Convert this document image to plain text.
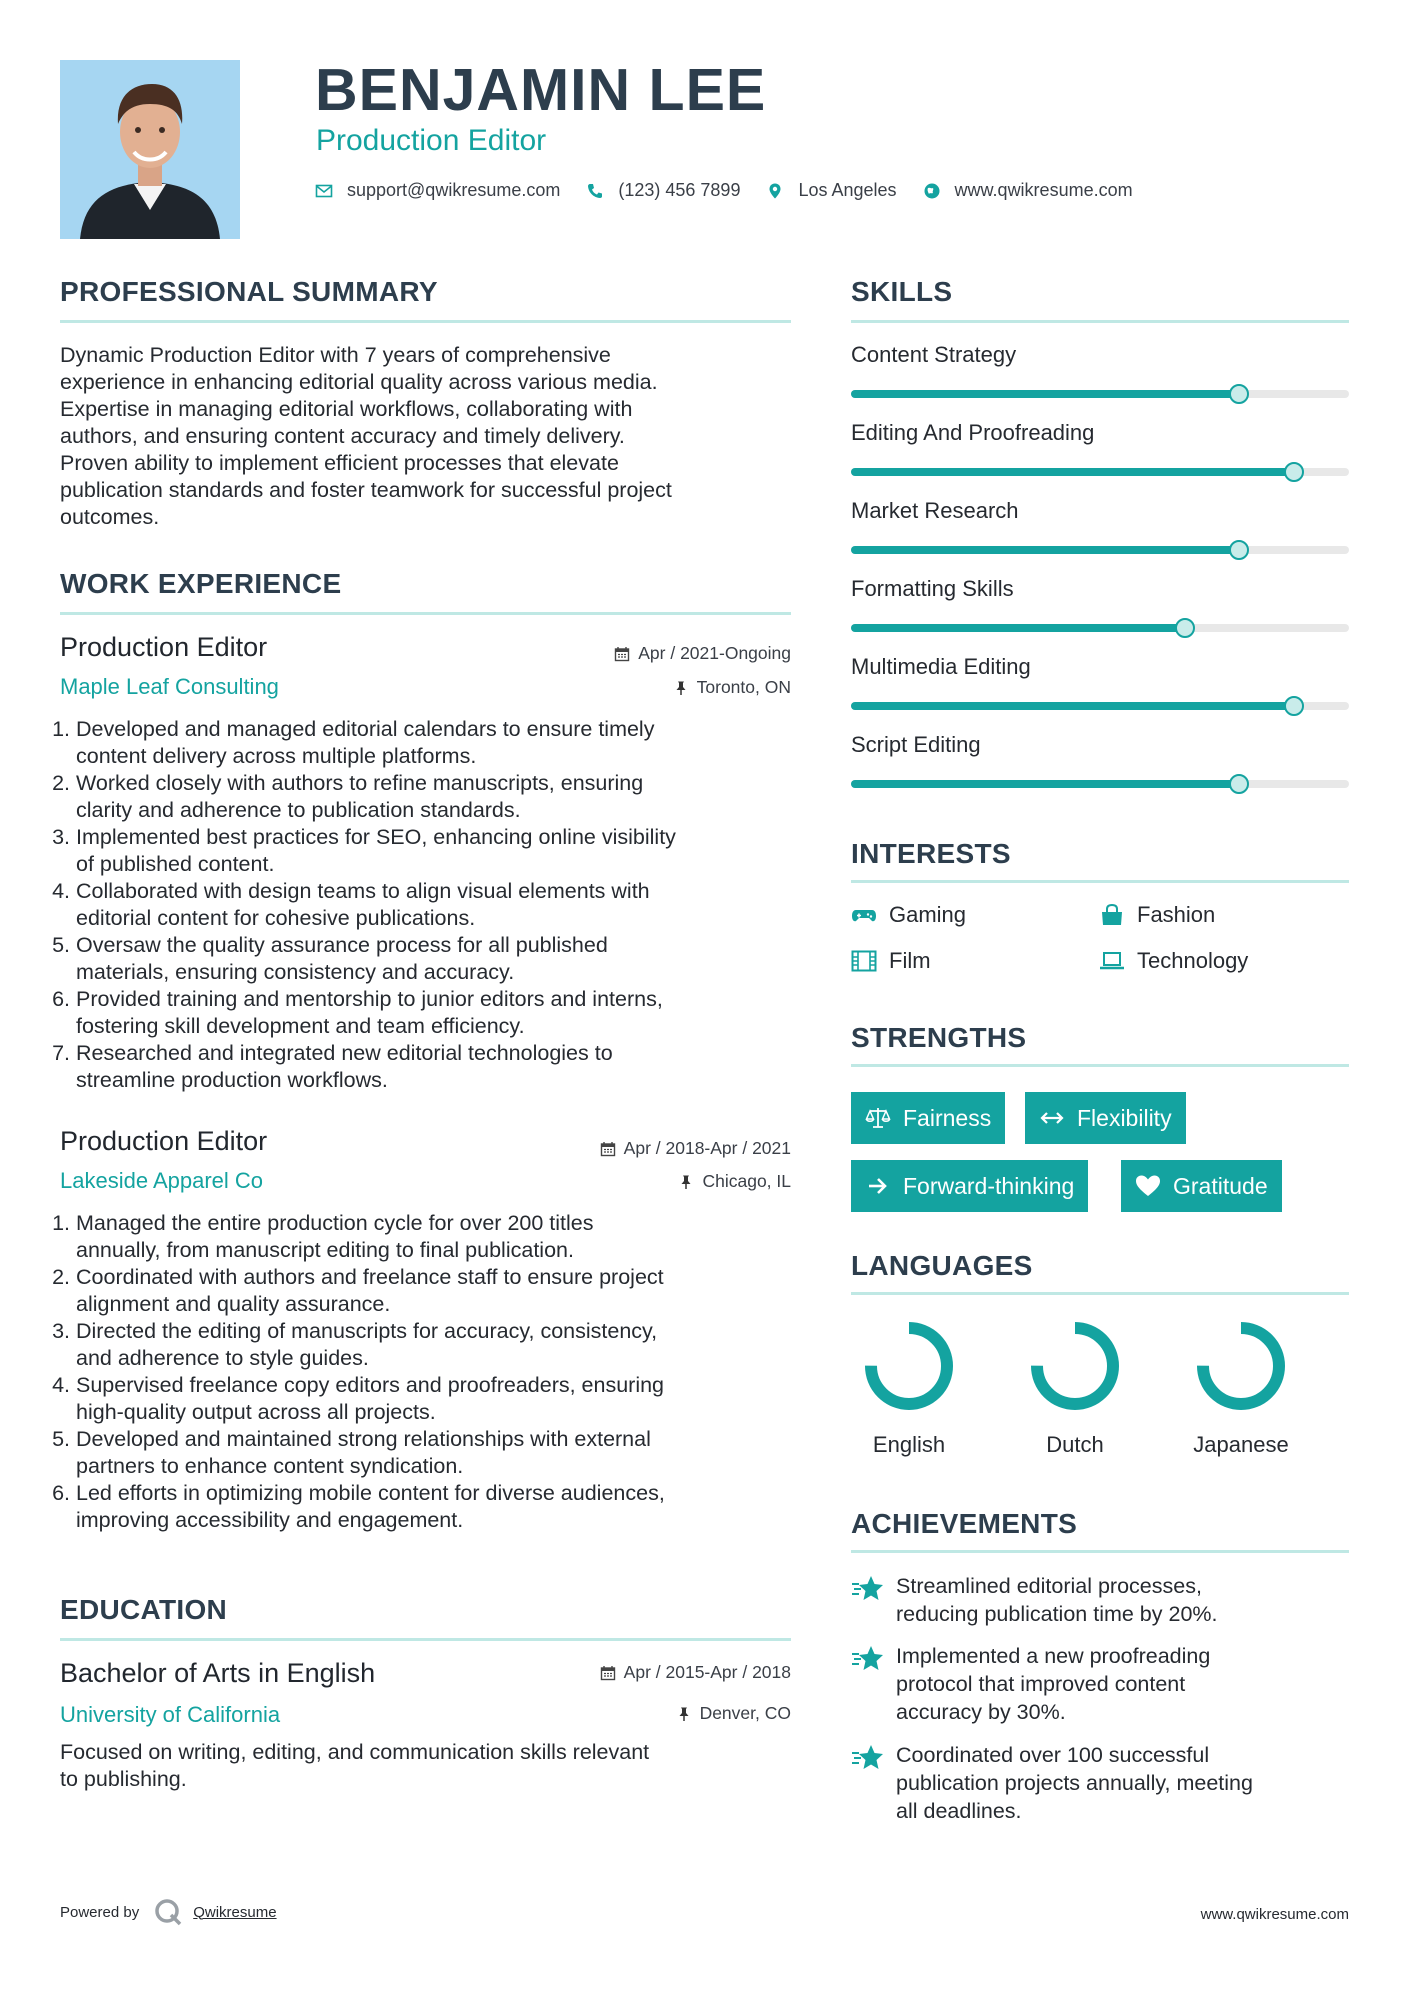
BENJAMIN LEE
Production Editor
support@qwikresume.com	(123) 456 7899	Los Angeles	www.qwikresume.com
PROFESSIONAL SUMMARY
Dynamic Production Editor with 7 years of comprehensive
experience in enhancing editorial quality across various media.
Expertise in managing editorial workflows, collaborating with
authors, and ensuring content accuracy and timely delivery.
Proven ability to implement efficient processes that elevate
publication standards and foster teamwork for successful project
outcomes.
WORK EXPERIENCE
Production Editor	Apr / 2021-Ongoing
Maple Leaf Consulting	Toronto, ON
1. Developed and managed editorial calendars to ensure timely
content delivery across multiple platforms.
2. Worked closely with authors to refine manuscripts, ensuring
clarity and adherence to publication standards.
3. Implemented best practices for SEO, enhancing online visibility
of published content.
4. Collaborated with design teams to align visual elements with
editorial content for cohesive publications.
5. Oversaw the quality assurance process for all published
materials, ensuring consistency and accuracy.
6. Provided training and mentorship to junior editors and interns,
fostering skill development and team efficiency.
7. Researched and integrated new editorial technologies to
streamline production workflows.
Production Editor	Apr / 2018-Apr / 2021
Lakeside Apparel Co	Chicago, IL
1. Managed the entire production cycle for over 200 titles
annually, from manuscript editing to final publication.
2. Coordinated with authors and freelance staff to ensure project
alignment and quality assurance.
3. Directed the editing of manuscripts for accuracy, consistency,
and adherence to style guides.
4. Supervised freelance copy editors and proofreaders, ensuring
high-quality output across all projects.
5. Developed and maintained strong relationships with external
partners to enhance content syndication.
6. Led efforts in optimizing mobile content for diverse audiences,
improving accessibility and engagement.
EDUCATION
Bachelor of Arts in English	Apr / 2015-Apr / 2018
University of California	Denver, CO
Focused on writing, editing, and communication skills relevant
to publishing.
SKILLS
Content Strategy
Editing And Proofreading
Market Research
Formatting Skills
Multimedia Editing
Script Editing
INTERESTS
Gaming	Fashion
Film	Technology
STRENGTHS
Fairness	Flexibility
Forward-thinking	Gratitude
LANGUAGES
English	Dutch	Japanese
ACHIEVEMENTS
Streamlined editorial processes,
reducing publication time by 20%.
Implemented a new proofreading
protocol that improved content
accuracy by 30%.
Coordinated over 100 successful
publication projects annually, meeting
all deadlines.
Powered by	Qwikresume	www.qwikresume.com
